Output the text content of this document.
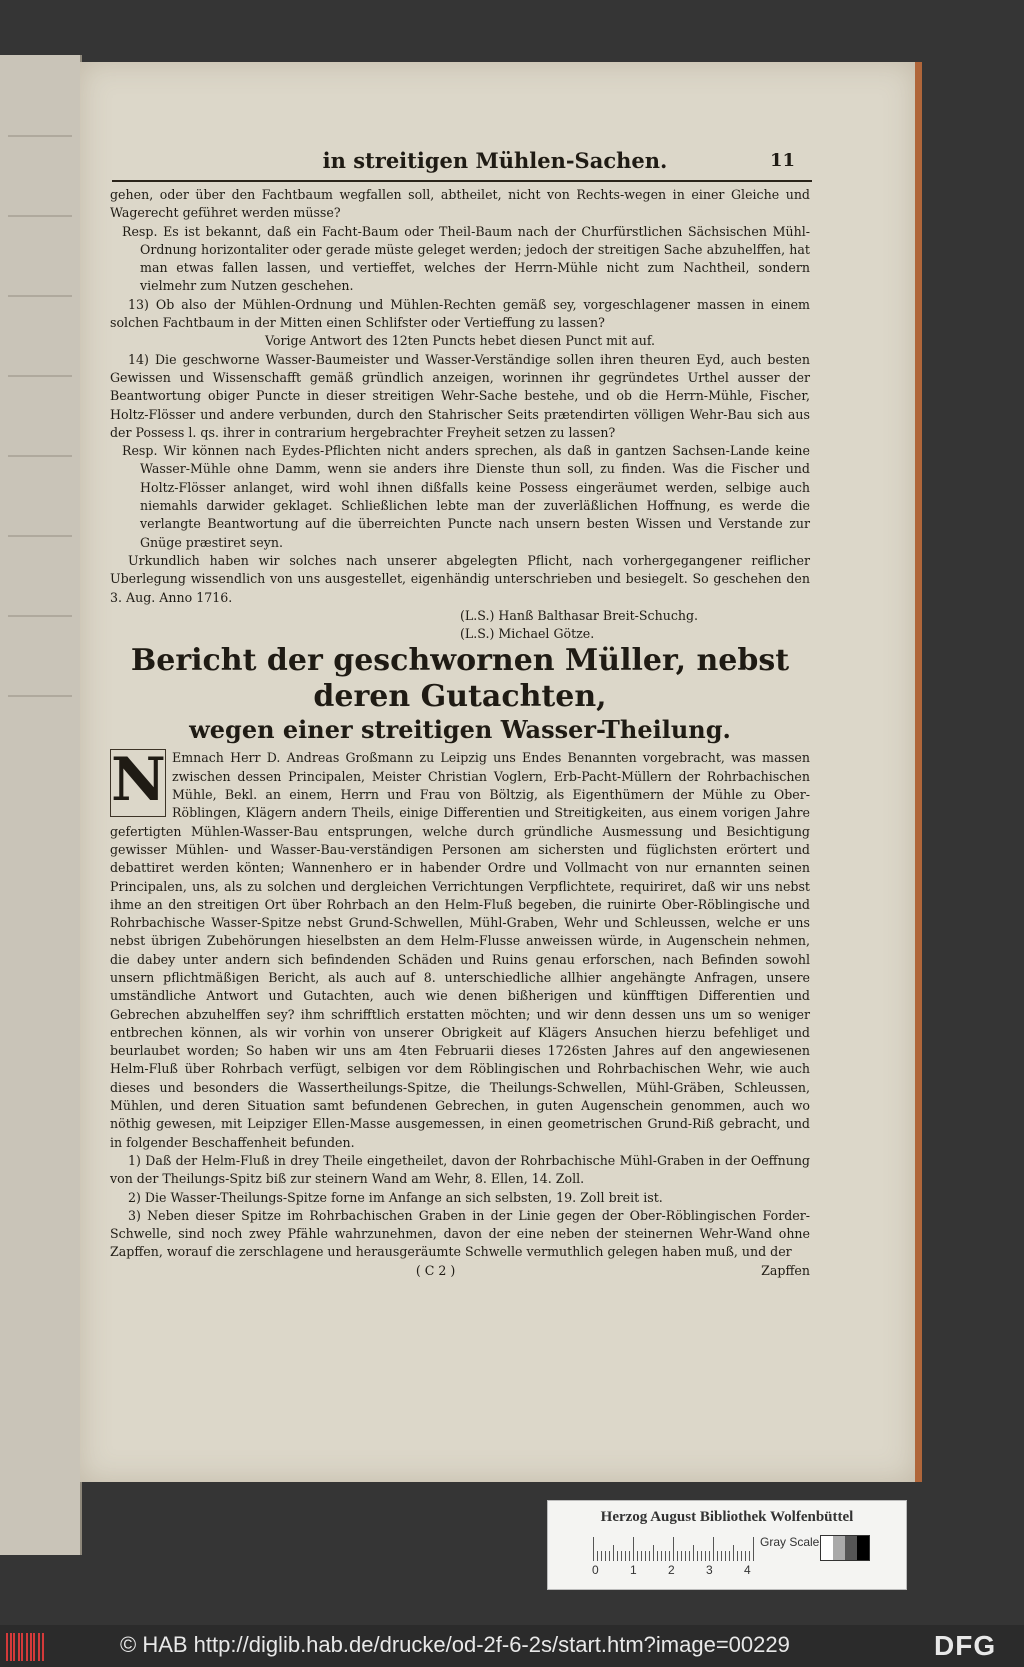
in streitigen Mühlen-Sachen.	11

gehen, oder über den Fachtbaum wegfallen soll, abtheilet, nicht von Rechts-wegen in einer Gleiche und Wagerecht geführet werden müsse?

Resp. Es ist bekannt, daß ein Facht-Baum oder Theil-Baum nach der Churfürstlichen Sächsischen Mühl-Ordnung horizontaliter oder gerade müste geleget werden; jedoch der streitigen Sache abzuhelffen, hat man etwas fallen lassen, und vertieffet, welches der Herrn-Mühle nicht zum Nachtheil, sondern vielmehr zum Nutzen geschehen.

13) Ob also der Mühlen-Ordnung und Mühlen-Rechten gemäß sey, vorgeschlagener massen in einem solchen Fachtbaum in der Mitten einen Schlifster oder Vertieffung zu lassen?

Vorige Antwort des 12ten Puncts hebet diesen Punct mit auf.

14) Die geschworne Wasser-Baumeister und Wasser-Verständige sollen ihren theuren Eyd, auch besten Gewissen und Wissenschafft gemäß gründlich anzeigen, worinnen ihr gegründetes Urthel ausser der Beantwortung obiger Puncte in dieser streitigen Wehr-Sache bestehe, und ob die Herrn-Mühle, Fischer, Holtz-Flösser und andere verbunden, durch den Stahrischer Seits prætendirten völligen Wehr-Bau sich aus der Possess l. qs. ihrer in contrarium hergebrachter Freyheit setzen zu lassen?

Resp. Wir können nach Eydes-Pflichten nicht anders sprechen, als daß in gantzen Sachsen-Lande keine Wasser-Mühle ohne Damm, wenn sie anders ihre Dienste thun soll, zu finden. Was die Fischer und Holtz-Flösser anlanget, wird wohl ihnen dißfalls keine Possess eingeräumet werden, selbige auch niemahls darwider geklaget. Schließlichen lebte man der zuverläßlichen Hoffnung, es werde die verlangte Beantwortung auf die überreichten Puncte nach unsern besten Wissen und Verstande zur Gnüge præstiret seyn.

Urkundlich haben wir solches nach unserer abgelegten Pflicht, nach vorhergegangener reiflicher Uberlegung wissendlich von uns ausgestellet, eigenhändig unterschrieben und besiegelt. So geschehen den 3. Aug. Anno 1716.

(L.S.) Hanß Balthasar Breit-Schuchg.

(L.S.) Michael Götze.

Bericht der geschwornen Müller, nebst deren Gutachten,

wegen einer streitigen Wasser-Theilung.

N Emnach Herr D. Andreas Großmann zu Leipzig uns Endes Benannten vorgebracht, was massen zwischen dessen Principalen, Meister Christian Voglern, Erb-Pacht-Müllern der Rohrbachischen Mühle, Bekl. an einem, Herrn und Frau von Böltzig, als Eigenthümern der Mühle zu Ober-Röblingen, Klägern andern Theils, einige Differentien und Streitigkeiten, aus einem vorigen Jahre gefertigten Mühlen-Wasser-Bau entsprungen, welche durch gründliche Ausmessung und Besichtigung gewisser Mühlen- und Wasser-Bau-verständigen Personen am sichersten und füglichsten erörtert und debattiret werden könten; Wannenhero er in habender Ordre und Vollmacht von nur ernannten seinen Principalen, uns, als zu solchen und dergleichen Verrichtungen Verpflichtete, requiriret, daß wir uns nebst ihme an den streitigen Ort über Rohrbach an den Helm-Fluß begeben, die ruinirte Ober-Röblingische und Rohrbachische Wasser-Spitze nebst Grund-Schwellen, Mühl-Graben, Wehr und Schleussen, welche er uns nebst übrigen Zubehörungen hieselbsten an dem Helm-Flusse anweissen würde, in Augenschein nehmen, die dabey unter andern sich befindenden Schäden und Ruins genau erforschen, nach Befinden sowohl unsern pflichtmäßigen Bericht, als auch auf 8. unterschiedliche allhier angehängte Anfragen, unsere umständliche Antwort und Gutachten, auch wie denen bißherigen und künfftigen Differentien und Gebrechen abzuhelffen sey? ihm schrifftlich erstatten möchten; und wir denn dessen uns um so weniger entbrechen können, als wir vorhin von unserer Obrigkeit auf Klägers Ansuchen hierzu befehliget und beurlaubet worden; So haben wir uns am 4ten Februarii dieses 1726sten Jahres auf den angewiesenen Helm-Fluß über Rohrbach verfügt, selbigen vor dem Röblingischen und Rohrbachischen Wehr, wie auch dieses und besonders die Wassertheilungs-Spitze, die Theilungs-Schwellen, Mühl-Gräben, Schleussen, Mühlen, und deren Situation samt befundenen Gebrechen, in guten Augenschein genommen, auch wo nöthig gewesen, mit Leipziger Ellen-Masse ausgemessen, in einen geometrischen Grund-Riß gebracht, und in folgender Beschaffenheit befunden.

1) Daß der Helm-Fluß in drey Theile eingetheilet, davon der Rohrbachische Mühl-Graben in der Oeffnung von der Theilungs-Spitz biß zur steinern Wand am Wehr, 8. Ellen, 14. Zoll.

2) Die Wasser-Theilungs-Spitze forne im Anfange an sich selbsten, 19. Zoll breit ist.

3) Neben dieser Spitze im Rohrbachischen Graben in der Linie gegen der Ober-Röblingischen Forder-Schwelle, sind noch zwey Pfähle wahrzunehmen, davon der eine neben der steinernen Wehr-Wand ohne Zapffen, worauf die zerschlagene und herausgeräumte Schwelle vermuthlich gelegen haben muß, und der

( C 2 )	Zapffen

Herzog August Bibliothek Wolfenbüttel
0	1	2	3	4
Gray Scale
© HAB http://diglib.hab.de/drucke/od-2f-6-2s/start.htm?image=00229	DFG
